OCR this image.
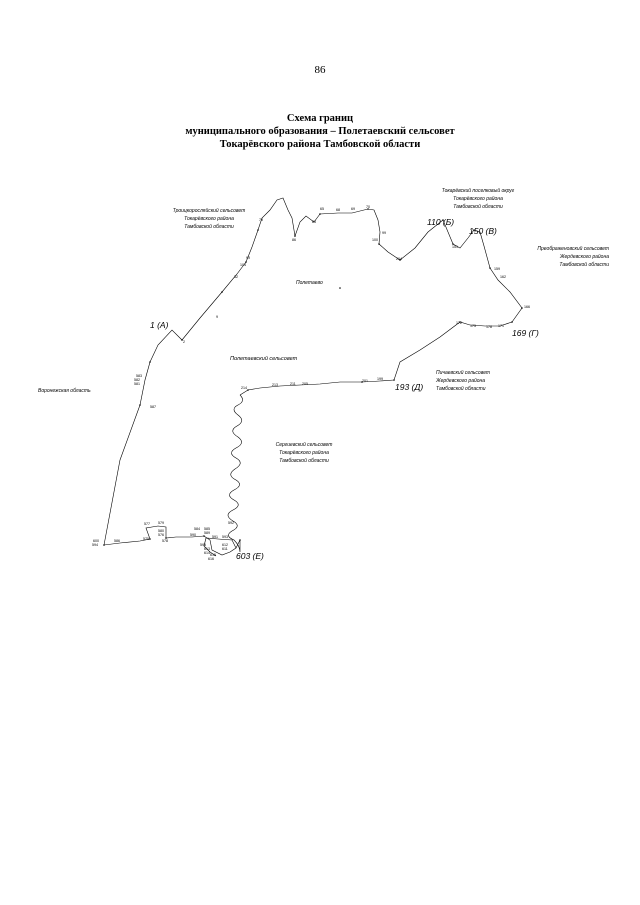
86
Схема границ
муниципального образования – Полетаевский сельсовет
Токарёвского района Тамбовской области
Троицкоросляйский сельсовет
Токарёвского района
Тамбовской области
Токарёвский поселковый округ
Токарёвского района
Тамбовской области
Преображеновский сельсовет
Жердевского района
Тамбовской области
Пичаевский сельсовет
Жердевского района
Тамбовской области
Сергиевский сельсовет
Токарёвского района
Тамбовской области
Воронежская область
Полетаевский сельсовет
Полетаево
1 (А)
110 (Б)
150 (В)
169 (Г)
193 (Д)
603 (Е)
2
9
32
104
99
79
86
83
65	68	69	70
99
100
204
151
159
162
166
172
175	178 171
199
201
205
211
213
214
583
582
581
587
600
594
586
577 579
580
576
575	578
584 585
590 589
592
591 593
595
613
612
611
614 615
616
